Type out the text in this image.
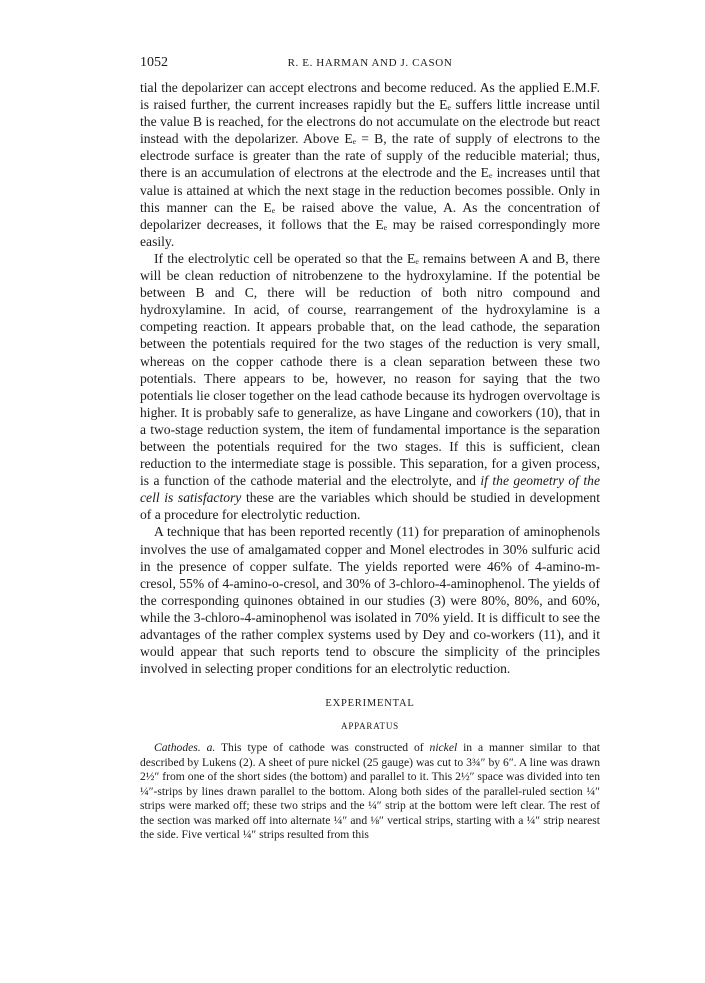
1052	R. E. HARMAN AND J. CASON

tial the depolarizer can accept electrons and become reduced. As the applied E.M.F. is raised further, the current increases rapidly but the Eₑ suffers little increase until the value B is reached, for the electrons do not accumulate on the electrode but react instead with the depolarizer. Above Eₑ = B, the rate of supply of electrons to the electrode surface is greater than the rate of supply of the reducible material; thus, there is an accumulation of electrons at the electrode and the Eₑ increases until that value is attained at which the next stage in the reduction becomes possible. Only in this manner can the Eₑ be raised above the value, A. As the concentration of depolarizer decreases, it follows that the Eₑ may be raised correspondingly more easily.

If the electrolytic cell be operated so that the Eₑ remains between A and B, there will be clean reduction of nitrobenzene to the hydroxylamine. If the potential be between B and C, there will be reduction of both nitro compound and hydroxylamine. In acid, of course, rearrangement of the hydroxylamine is a competing reaction. It appears probable that, on the lead cathode, the separation between the potentials required for the two stages of the reduction is very small, whereas on the copper cathode there is a clean separation between these two potentials. There appears to be, however, no reason for saying that the two potentials lie closer together on the lead cathode because its hydrogen overvoltage is higher. It is probably safe to generalize, as have Lingane and coworkers (10), that in a two-stage reduction system, the item of fundamental importance is the separation between the potentials required for the two stages. If this is sufficient, clean reduction to the intermediate stage is possible. This separation, for a given process, is a function of the cathode material and the electrolyte, and if the geometry of the cell is satisfactory these are the variables which should be studied in development of a procedure for electrolytic reduction.

A technique that has been reported recently (11) for preparation of aminophenols involves the use of amalgamated copper and Monel electrodes in 30% sulfuric acid in the presence of copper sulfate. The yields reported were 46% of 4-amino-m-cresol, 55% of 4-amino-o-cresol, and 30% of 3-chloro-4-aminophenol. The yields of the corresponding quinones obtained in our studies (3) were 80%, 80%, and 60%, while the 3-chloro-4-aminophenol was isolated in 70% yield. It is difficult to see the advantages of the rather complex systems used by Dey and co-workers (11), and it would appear that such reports tend to obscure the simplicity of the principles involved in selecting proper conditions for an electrolytic reduction.

EXPERIMENTAL
APPARATUS

Cathodes. a. This type of cathode was constructed of nickel in a manner similar to that described by Lukens (2). A sheet of pure nickel (25 gauge) was cut to 3¾″ by 6″. A line was drawn 2½″ from one of the short sides (the bottom) and parallel to it. This 2½″ space was divided into ten ¼″-strips by lines drawn parallel to the bottom. Along both sides of the parallel-ruled section ¼″ strips were marked off; these two strips and the ¼″ strip at the bottom were left clear. The rest of the section was marked off into alternate ¼″ and ⅛″ vertical strips, starting with a ¼″ strip nearest the side. Five vertical ¼″ strips resulted from this
